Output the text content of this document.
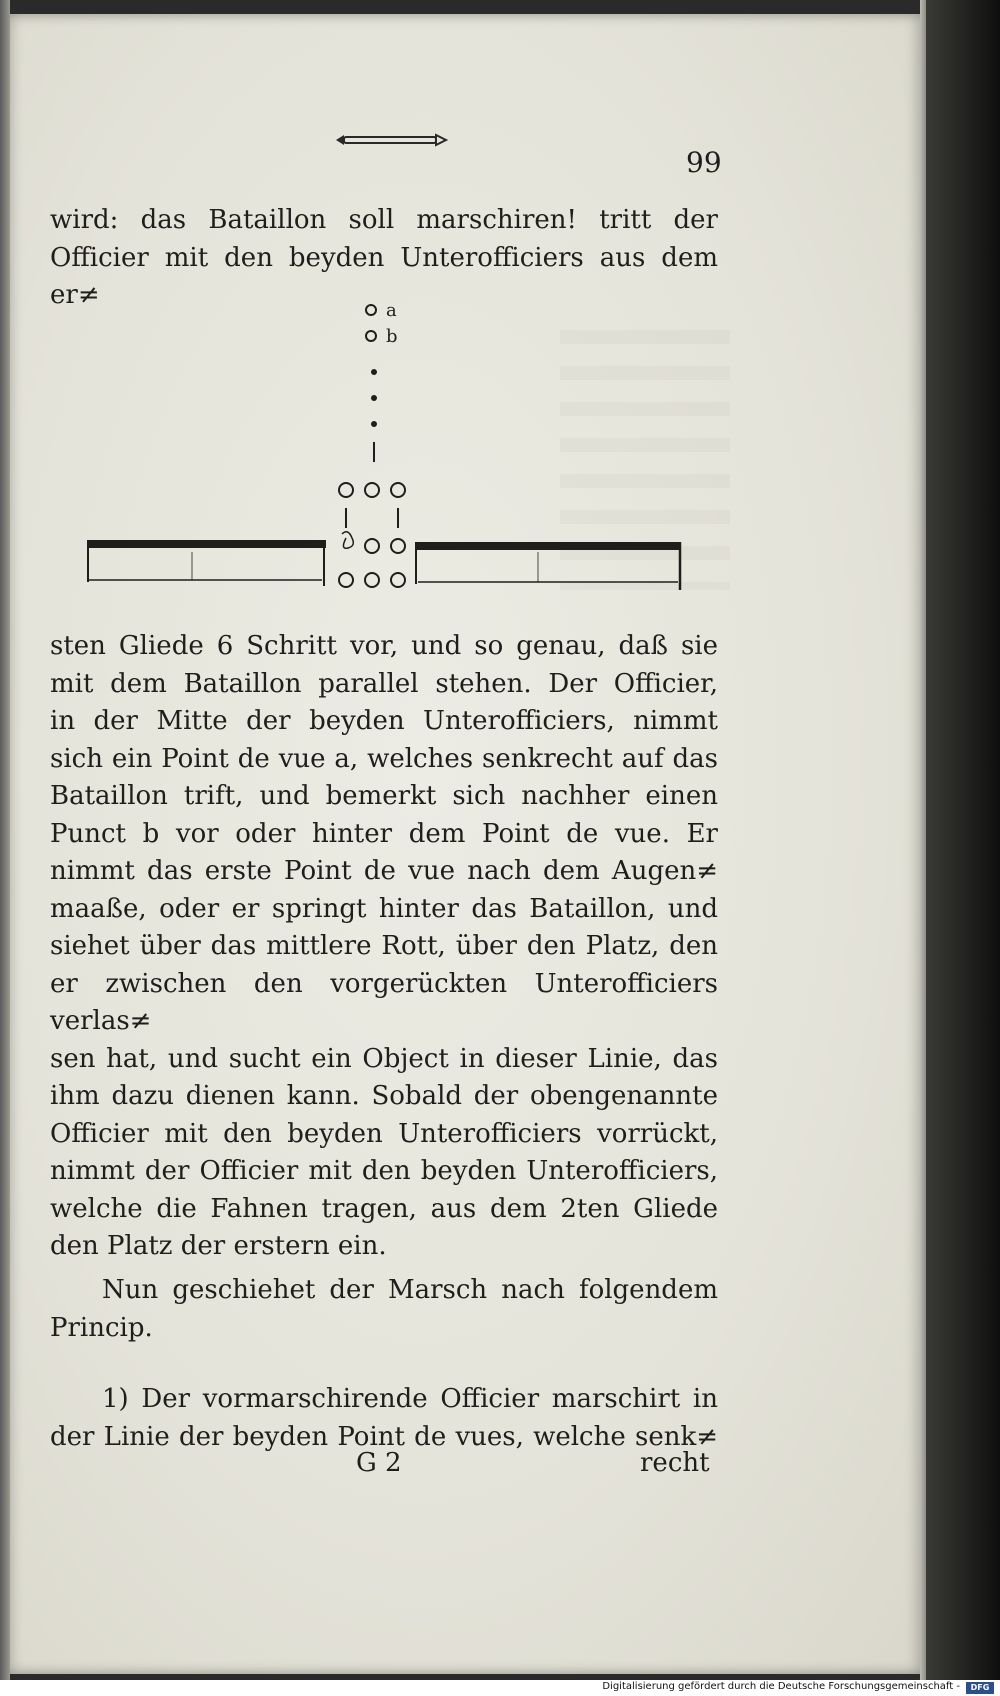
99
wird: das Bataillon soll marschiren! tritt der
Officier mit den beyden Unterofficiers aus dem er≠
a
b
sten Gliede 6 Schritt vor, und so genau, daß sie
mit dem Bataillon parallel stehen. Der Officier,
in der Mitte der beyden Unterofficiers, nimmt
sich ein Point de vue a, welches senkrecht auf das
Bataillon trift, und bemerkt sich nachher einen
Punct b vor oder hinter dem Point de vue. Er
nimmt das erste Point de vue nach dem Augen≠
maaße, oder er springt hinter das Bataillon, und
siehet über das mittlere Rott, über den Platz, den
er zwischen den vorgerückten Unterofficiers verlas≠
sen hat, und sucht ein Object in dieser Linie, das
ihm dazu dienen kann. Sobald der obengenannte
Officier mit den beyden Unterofficiers vorrückt,
nimmt der Officier mit den beyden Unterofficiers,
welche die Fahnen tragen, aus dem 2ten Gliede
den Platz der erstern ein.
Nun geschiehet der Marsch nach folgendem Princip.
1) Der vormarschirende Officier marschirt in der Linie der beyden Point de vues, welche senk≠
G 2	recht
Digitalisierung gefördert durch die Deutsche Forschungsgemeinschaft -	DFG
